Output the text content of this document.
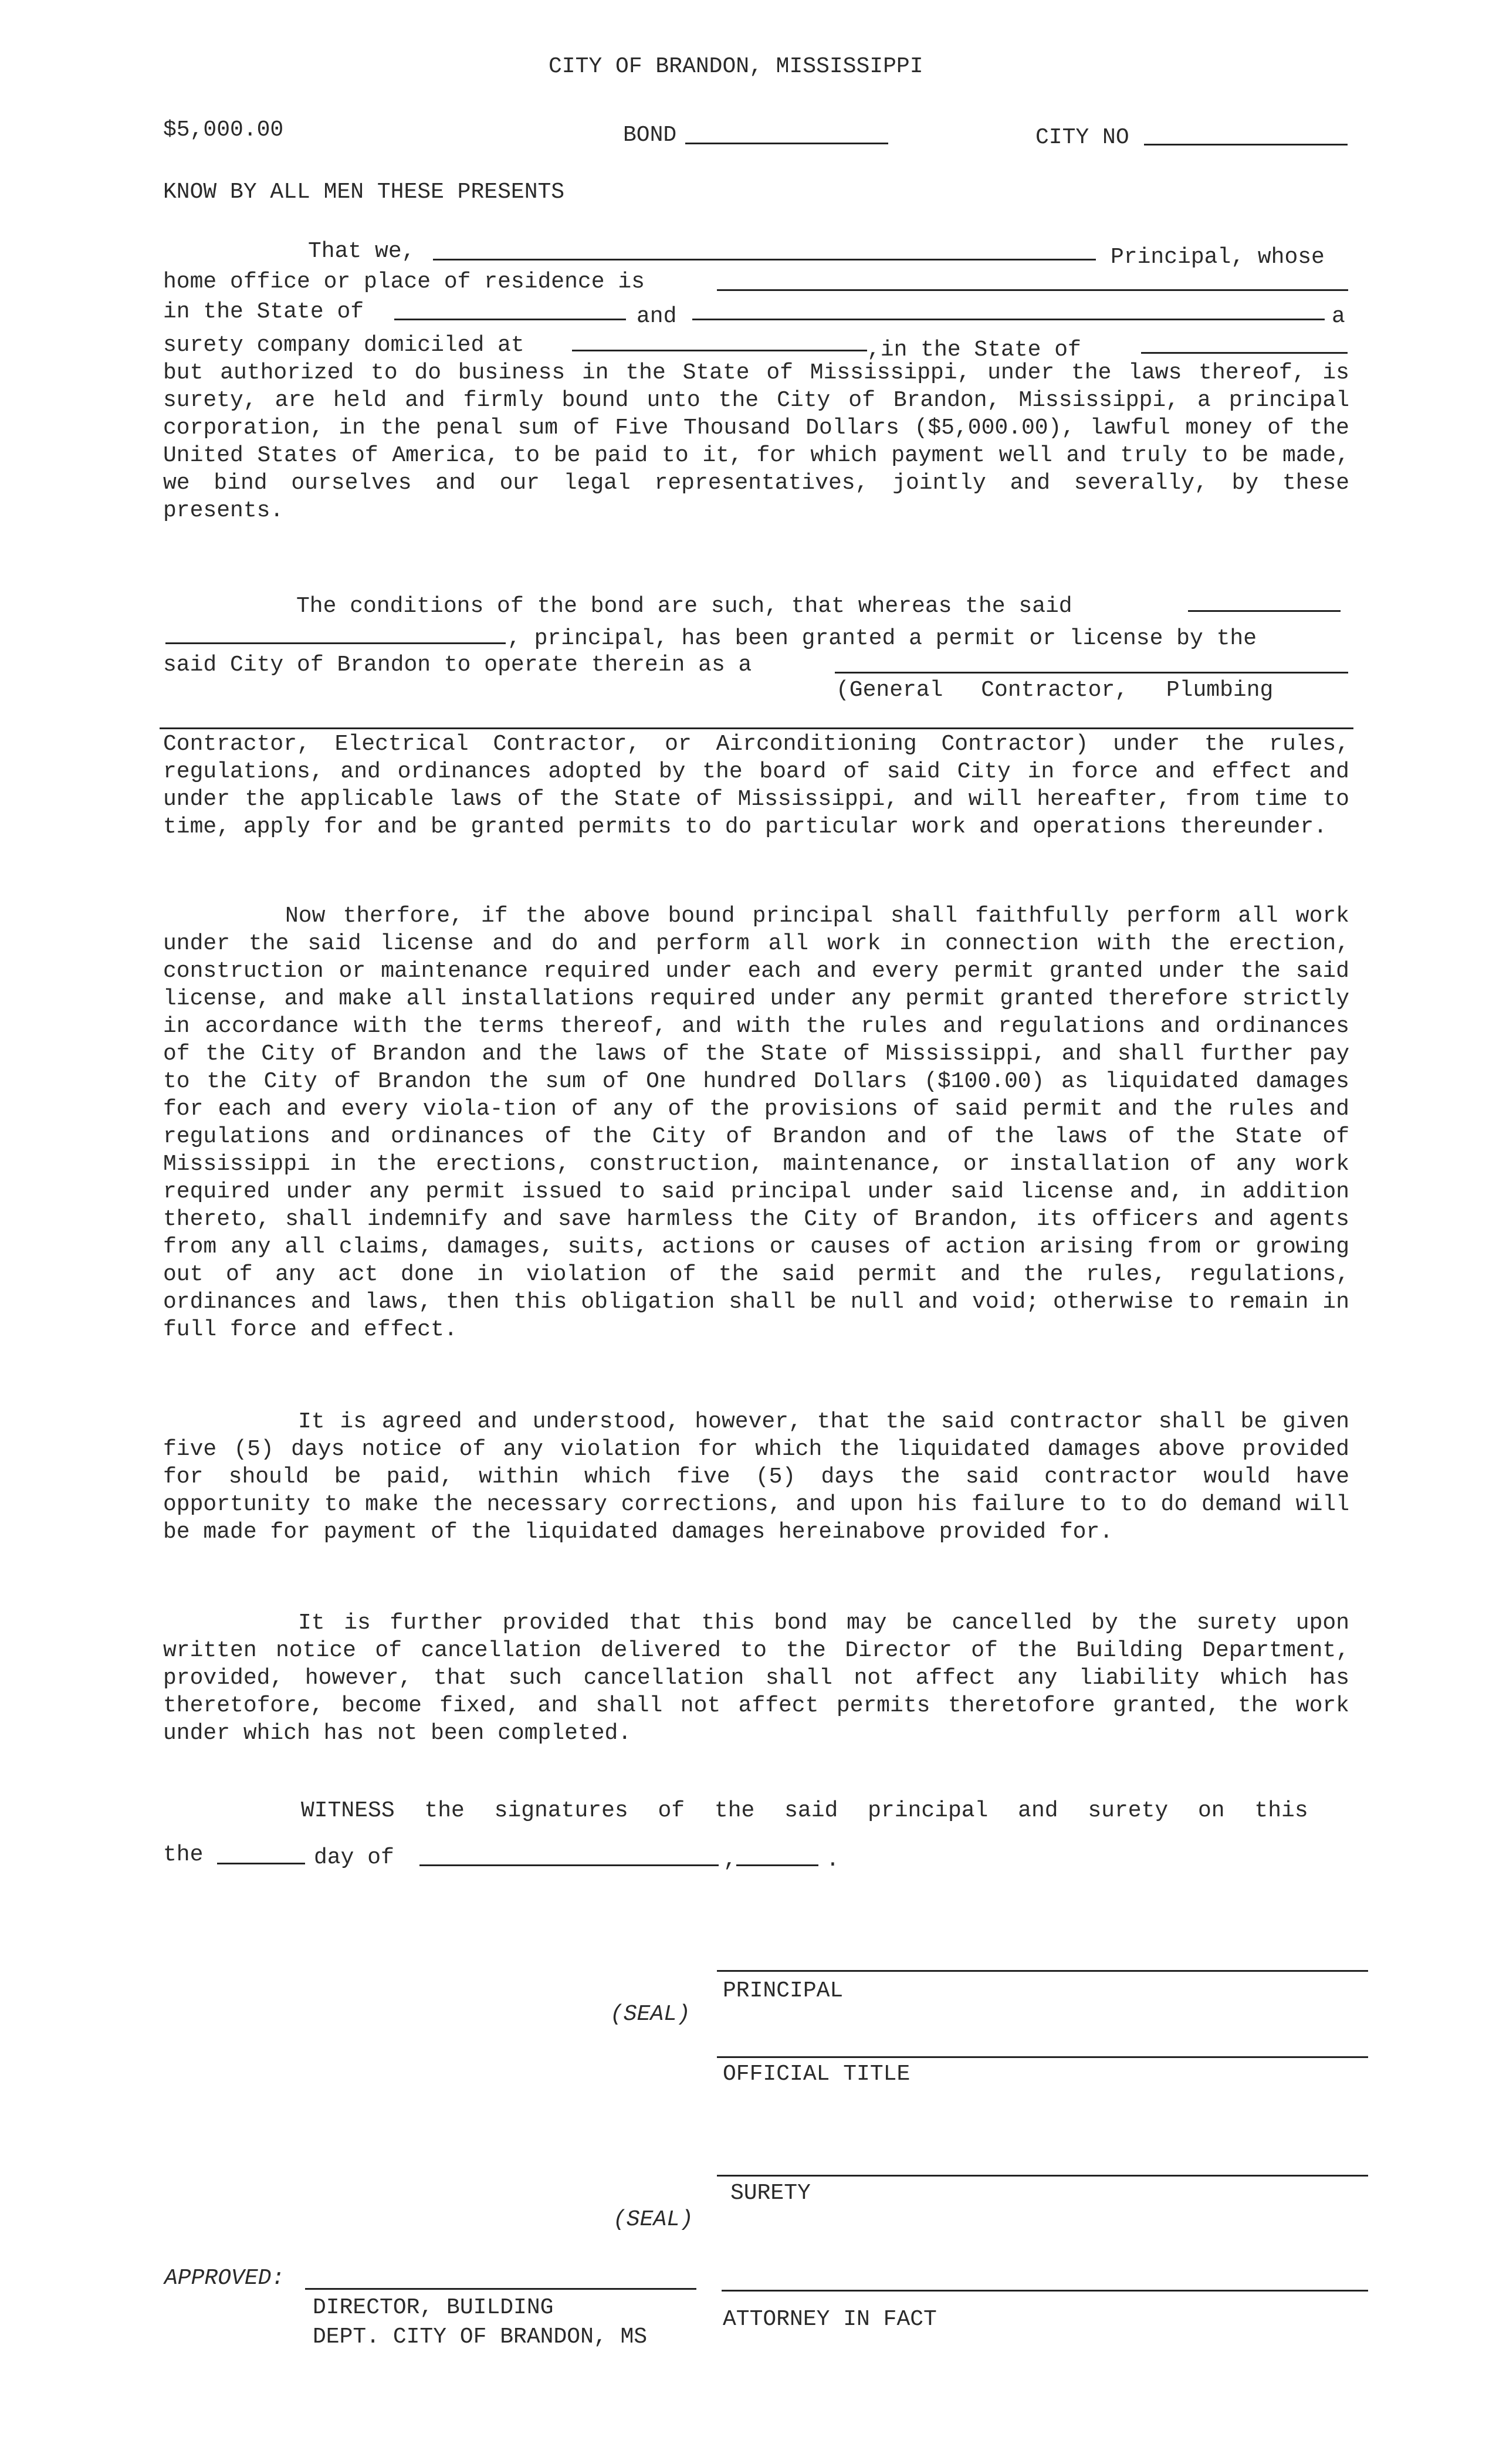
CITY OF BRANDON, MISSISSIPPI
$5,000.00	BOND	CITY NO
KNOW BY ALL MEN THESE PRESENTS
That we,	Principal, whose
home office or place of residence is
in the State of	and	a
surety company domiciled at	,in the State of
but authorized to do business in the State of Mississippi, under the laws thereof, is surety, are held and firmly bound unto the City of Brandon, Mississippi, a principal corporation, in the penal sum of Five Thousand Dollars ($5,000.00), lawful money of the United States of America, to be paid to it, for which payment well and truly to be made, we bind ourselves and our legal representatives, jointly and severally, by these presents.
The conditions of the bond are such, that whereas the said
, principal, has been granted a permit or license by the
said City of Brandon to operate therein as a
(General Contractor, Plumbing
Contractor, Electrical Contractor, or Airconditioning Contractor) under the rules, regulations, and ordinances adopted by the board of said City in force and effect and under the applicable laws of the State of Mississippi, and will hereafter, from time to time, apply for and be granted permits to do particular work and operations thereunder.
Now therfore, if the above bound principal shall faithfully perform all work under the said license and do and perform all work in connection with the erection, construction or maintenance required under each and every permit granted under the said license, and make all installations required under any permit granted therefore strictly in accordance with the terms thereof, and with the rules and regulations and ordinances of the City of Brandon and the laws of the State of Mississippi, and shall further pay to the City of Brandon the sum of One hundred Dollars ($100.00) as liquidated damages for each and every viola-tion of any of the provisions of said permit and the rules and regulations and ordinances of the City of Brandon and of the laws of the State of Mississippi in the erections, construction, maintenance, or installation of any work required under any permit issued to said principal under said license and, in addition thereto, shall indemnify and save harmless the City of Brandon, its officers and agents from any all claims, damages, suits, actions or causes of action arising from or growing out of any act done in violation of the said permit and the rules, regulations, ordinances and laws, then this obligation shall be null and void; otherwise to remain in full force and effect.
It is agreed and understood, however, that the said contractor shall be given five (5) days notice of any violation for which the liquidated damages above provided for should be paid, within which five (5) days the said contractor would have opportunity to make the necessary corrections, and upon his failure to to do demand will be made for payment of the liquidated damages hereinabove provided for.
It is further provided that this bond may be cancelled by the surety upon written notice of cancellation delivered to the Director of the Building Department, provided, however, that such cancellation shall not affect any liability which has theretofore, become fixed, and shall not affect permits theretofore granted, the work under which has not been completed.
WITNESS the signatures of the said principal and surety on this
the	day of	,	.
PRINCIPAL
(SEAL)
OFFICIAL TITLE
SURETY
(SEAL)
APPROVED:
DIRECTOR, BUILDING
DEPT. CITY OF BRANDON, MS
ATTORNEY IN FACT
